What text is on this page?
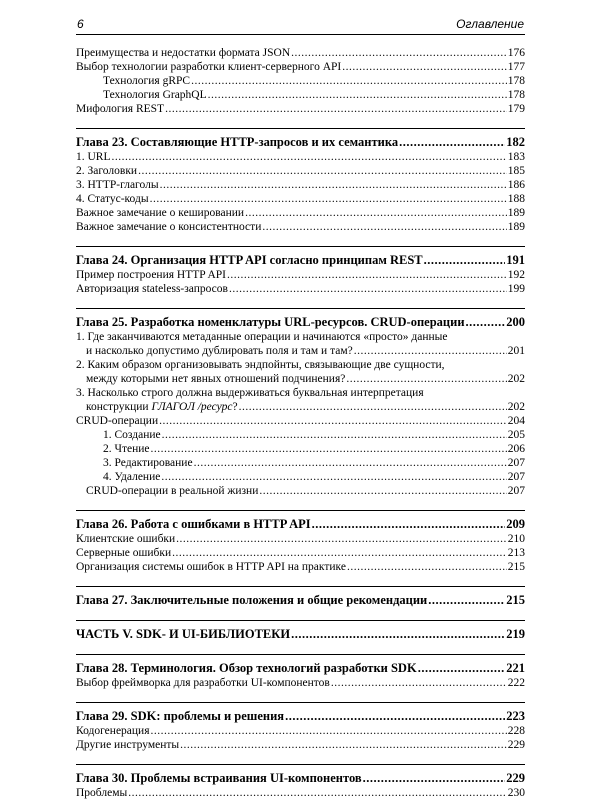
6	Оглавление
Преимущества и недостатки формата JSON .....	176
Выбор технологии разработки клиент-серверного API .....	177
Технология gRPC .....	178
Технология GraphQL .....	178
Мифология REST .....	179
Глава 23. Составляющие HTTP-запросов и их семантика .....	182
1. URL .....	183
2. Заголовки .....	185
3. HTTP-глаголы .....	186
4. Статус-коды .....	188
Важное замечание о кешировании .....	189
Важное замечание о консистентности .....	189
Глава 24. Организация HTTP API согласно принципам REST .....	191
Пример построения HTTP API .....	192
Авторизация stateless-запросов .....	199
Глава 25. Разработка номенклатуры URL-ресурсов. CRUD-операции .....	200
1. Где заканчиваются метаданные операции и начинаются «просто» данные
и насколько допустимо дублировать поля и там и там? .....	201
2. Каким образом организовывать эндпойнты, связывающие две сущности,
между которыми нет явных отношений подчинения? .....	202
3. Насколько строго должна выдерживаться буквальная интерпретация
конструкции ГЛАГОЛ /ресурс? .....	202
CRUD-операции .....	204
1. Создание .....	205
2. Чтение .....	206
3. Редактирование .....	207
4. Удаление .....	207
CRUD-операции в реальной жизни .....	207
Глава 26. Работа с ошибками в HTTP API .....	209
Клиентские ошибки .....	210
Серверные ошибки .....	213
Организация системы ошибок в HTTP API на практике .....	215
Глава 27. Заключительные положения и общие рекомендации .....	215
ЧАСТЬ V. SDK- И UI-БИБЛИОТЕКИ .....	219
Глава 28. Терминология. Обзор технологий разработки SDK .....	221
Выбор фреймворка для разработки UI-компонентов .....	222
Глава 29. SDK: проблемы и решения .....	223
Кодогенерация .....	228
Другие инструменты .....	229
Глава 30. Проблемы встраивания UI-компонентов .....	229
Проблемы .....	230
